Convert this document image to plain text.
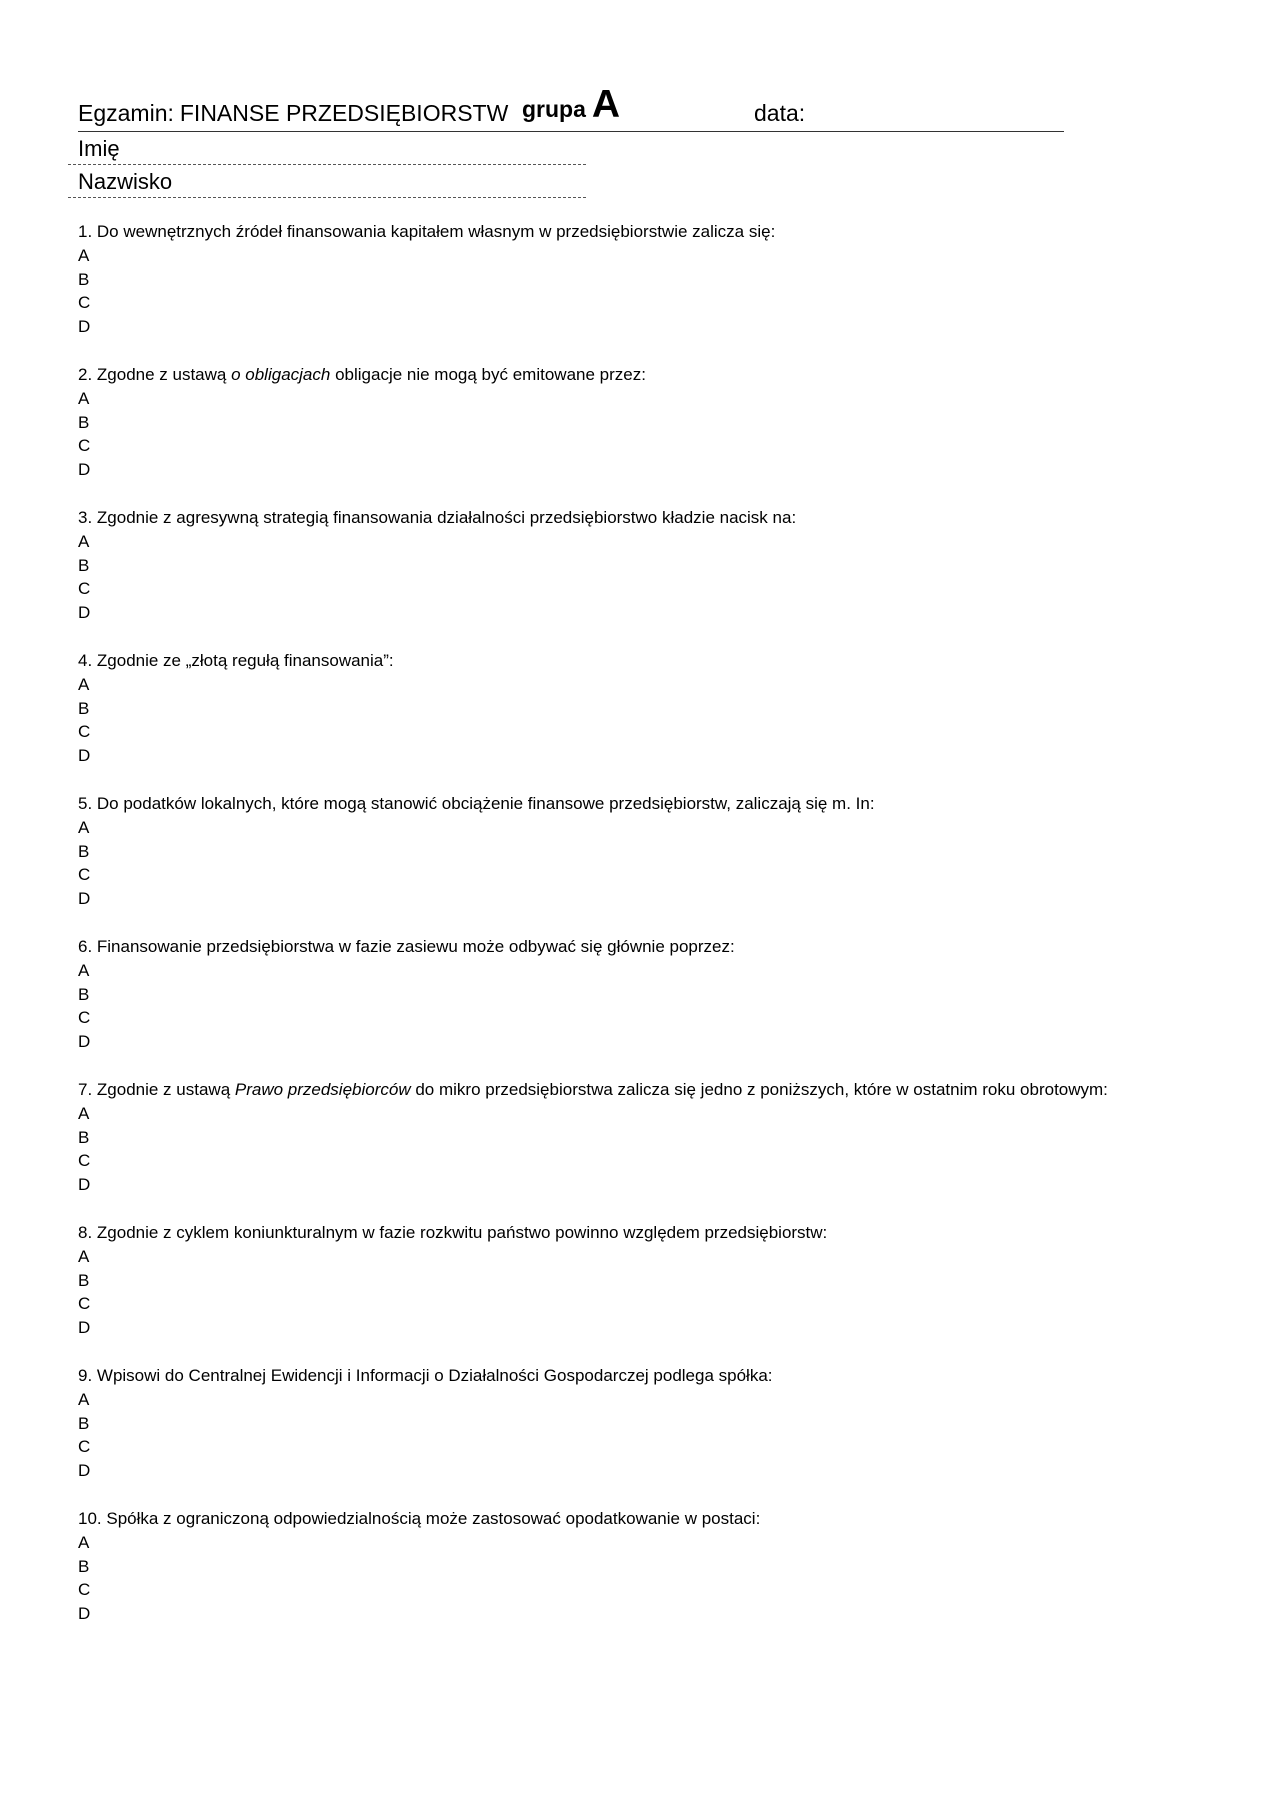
Egzamin: FINANSE PRZEDSIĘBIORSTW grupa A	data:
Imię
Nazwisko
1. Do wewnętrznych źródeł finansowania kapitałem własnym w przedsiębiorstwie zalicza się:
A
B
C
D
2. Zgodne z ustawą o obligacjach obligacje nie mogą być emitowane przez:
A
B
C
D
3. Zgodnie z agresywną strategią finansowania działalności przedsiębiorstwo kładzie nacisk na:
A
B
C
D
4. Zgodnie ze „złotą regułą finansowania”:
A
B
C
D
5. Do podatków lokalnych, które mogą stanowić obciążenie finansowe przedsiębiorstw, zaliczają się m. In:
A
B
C
D
6. Finansowanie przedsiębiorstwa w fazie zasiewu może odbywać się głównie poprzez:
A
B
C
D
7. Zgodnie z ustawą Prawo przedsiębiorców do mikro przedsiębiorstwa zalicza się jedno z poniższych, które w ostatnim roku obrotowym:
A
B
C
D
8. Zgodnie z cyklem koniunkturalnym w fazie rozkwitu państwo powinno względem przedsiębiorstw:
A
B
C
D
9. Wpisowi do Centralnej Ewidencji i Informacji o Działalności Gospodarczej podlega spółka:
A
B
C
D
10. Spółka z ograniczoną odpowiedzialnością może zastosować opodatkowanie w postaci:
A
B
C
D
